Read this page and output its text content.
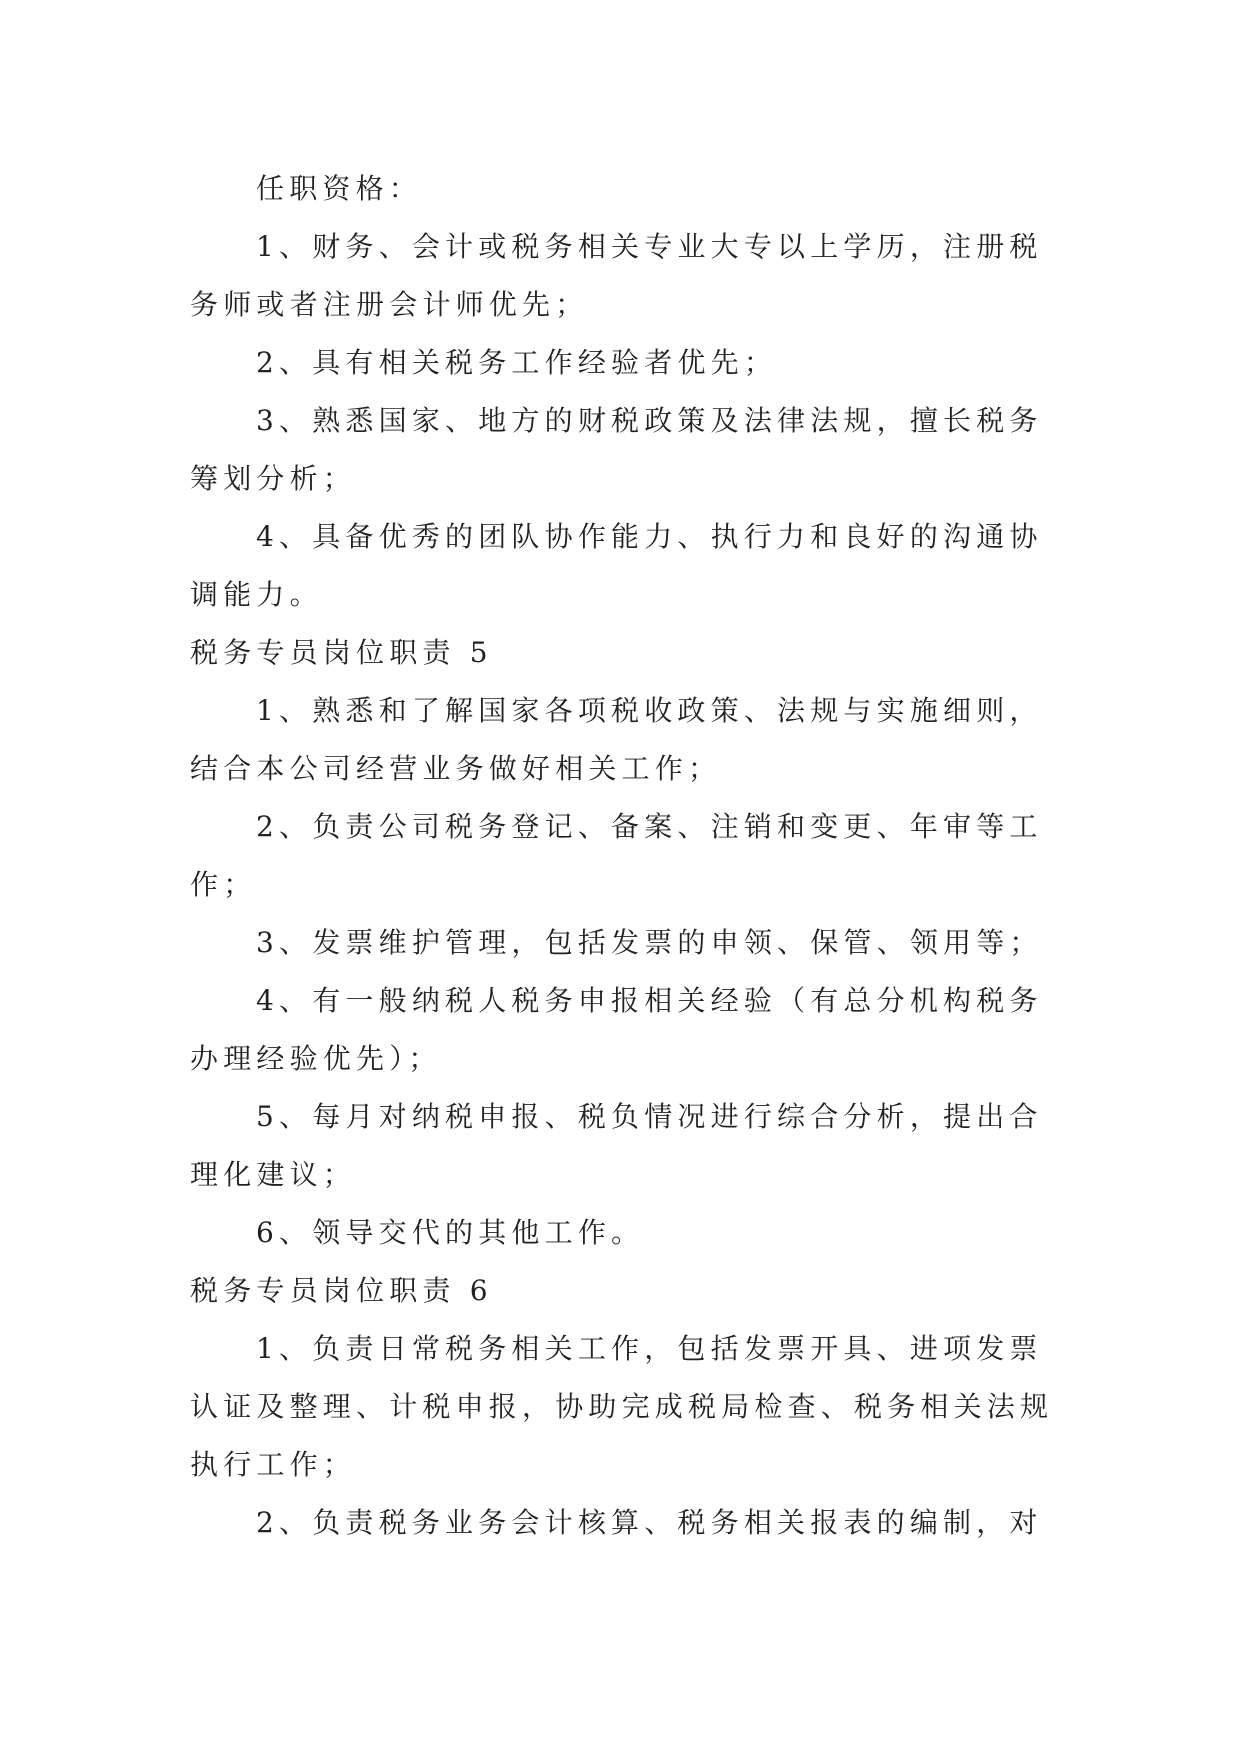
任职资格：
1、财务、会计或税务相关专业大专以上学历，注册税
务师或者注册会计师优先；
2、具有相关税务工作经验者优先；
3、熟悉国家、地方的财税政策及法律法规，擅长税务
筹划分析；
4、具备优秀的团队协作能力、执行力和良好的沟通协
调能力。
税务专员岗位职责 5
1、熟悉和了解国家各项税收政策、法规与实施细则，
结合本公司经营业务做好相关工作；
2、负责公司税务登记、备案、注销和变更、年审等工
作；
3、发票维护管理，包括发票的申领、保管、领用等；
4、有一般纳税人税务申报相关经验（有总分机构税务
办理经验优先）；
5、每月对纳税申报、税负情况进行综合分析，提出合
理化建议；
6、领导交代的其他工作。
税务专员岗位职责 6
1、负责日常税务相关工作，包括发票开具、进项发票
认证及整理、计税申报，协助完成税局检查、税务相关法规
执行工作；
2、负责税务业务会计核算、税务相关报表的编制，对
